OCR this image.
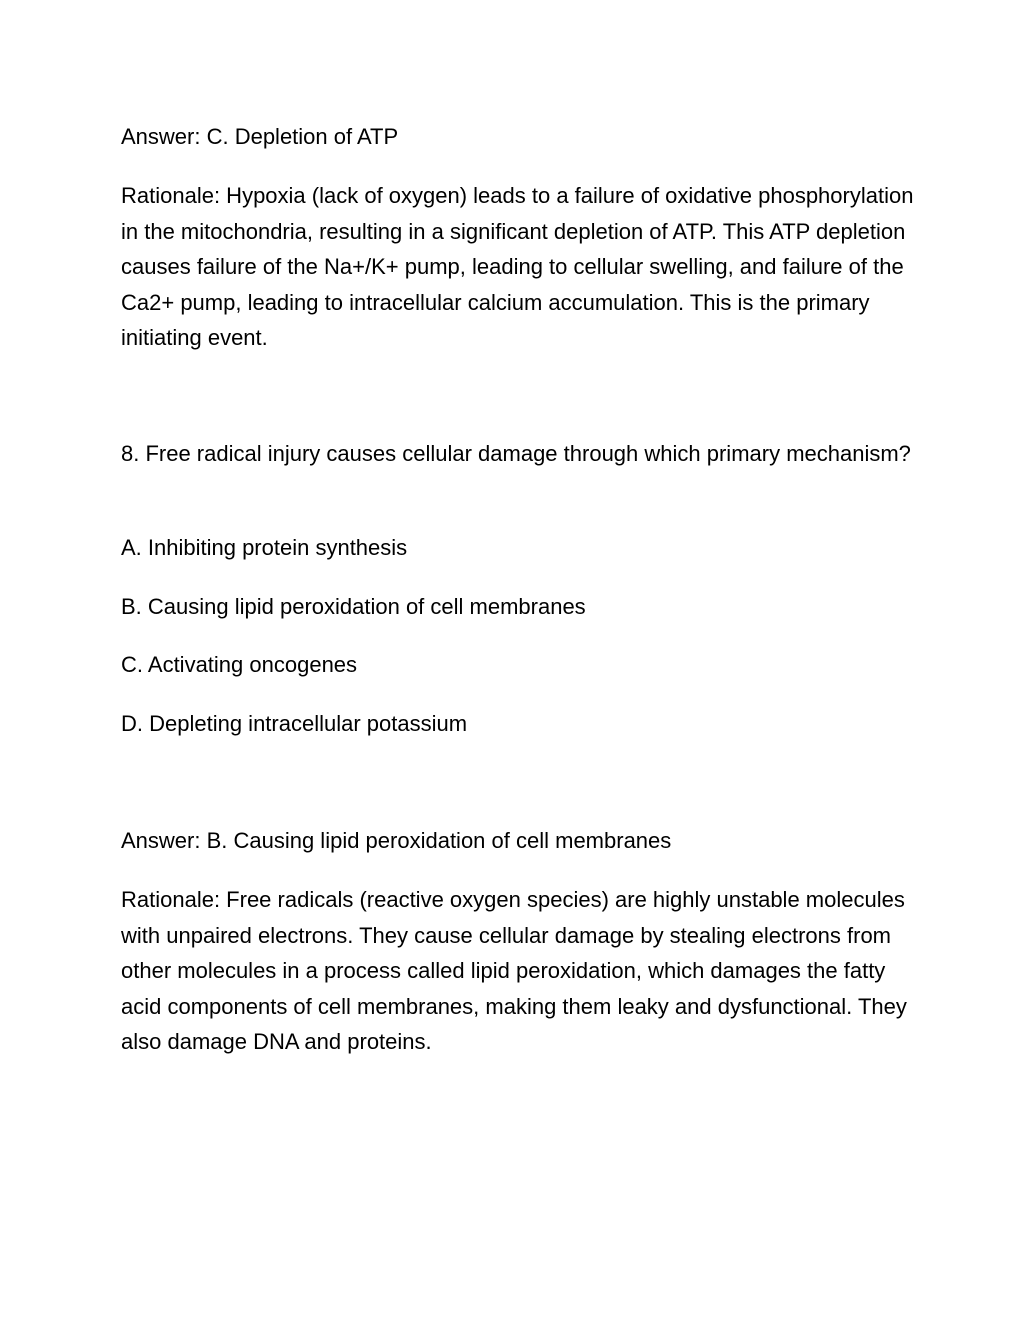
Answer: C. Depletion of ATP

Rationale: Hypoxia (lack of oxygen) leads to a failure of oxidative phosphorylation in the mitochondria, resulting in a significant depletion of ATP. This ATP depletion causes failure of the Na+/K+ pump, leading to cellular swelling, and failure of the Ca2+ pump, leading to intracellular calcium accumulation. This is the primary initiating event.

8. Free radical injury causes cellular damage through which primary mechanism?

A. Inhibiting protein synthesis

B. Causing lipid peroxidation of cell membranes

C. Activating oncogenes

D. Depleting intracellular potassium

Answer: B. Causing lipid peroxidation of cell membranes

Rationale: Free radicals (reactive oxygen species) are highly unstable molecules with unpaired electrons. They cause cellular damage by stealing electrons from other molecules in a process called lipid peroxidation, which damages the fatty acid components of cell membranes, making them leaky and dysfunctional. They also damage DNA and proteins.
